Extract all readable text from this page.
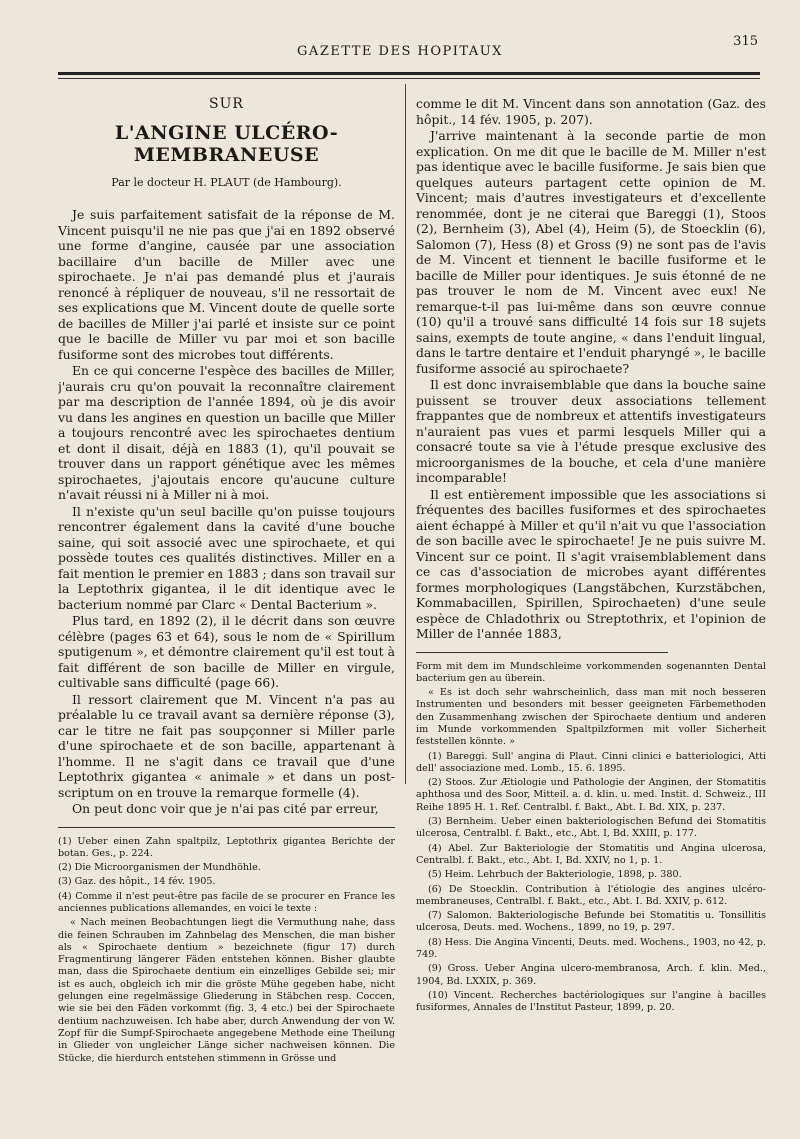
GAZETTE DES HOPITAUX
315
SUR
L'ANGINE ULCÉRO-MEMBRANEUSE
Par le docteur H. PLAUT (de Hambourg).

Je suis parfaitement satisfait de la réponse de M. Vincent puisqu'il ne nie pas que j'ai en 1892 observé une forme d'angine, causée par une association bacillaire d'un bacille de Miller avec une spirochaete. Je n'ai pas demandé plus et j'aurais renoncé à répliquer de nouveau, s'il ne ressortait de ses explications que M. Vincent doute de quelle sorte de bacilles de Miller j'ai parlé et insiste sur ce point que le bacille de Miller vu par moi et son bacille fusiforme sont des microbes tout différents.

En ce qui concerne l'espèce des bacilles de Miller, j'aurais cru qu'on pouvait la reconnaître clairement par ma description de l'année 1894, où je dis avoir vu dans les angines en question un bacille que Miller a toujours rencontré avec les spirochaetes dentium et dont il disait, déjà en 1883 (1), qu'il pouvait se trouver dans un rapport génétique avec les mêmes spirochaetes, j'ajoutais encore qu'aucune culture n'avait réussi ni à Miller ni à moi.

Il n'existe qu'un seul bacille qu'on puisse toujours rencontrer également dans la cavité d'une bouche saine, qui soit associé avec une spirochaete, et qui possède toutes ces qualités distinctives. Miller en a fait mention le premier en 1883 ; dans son travail sur la Leptothrix gigantea, il le dit identique avec le bacterium nommé par Clarc « Dental Bacterium ».

Plus tard, en 1892 (2), il le décrit dans son œuvre célèbre (pages 63 et 64), sous le nom de « Spirillum sputigenum », et démontre clairement qu'il est tout à fait différent de son bacille de Miller en virgule, cultivable sans difficulté (page 66).

Il ressort clairement que M. Vincent n'a pas au préalable lu ce travail avant sa dernière réponse (3), car le titre ne fait pas soupçonner si Miller parle d'une spirochaete et de son bacille, appartenant à l'homme. Il ne s'agit dans ce travail que d'une Leptothrix gigantea « animale » et dans un post-scriptum on en trouve la remarque formelle (4).

On peut donc voir que je n'ai pas cité par erreur,

(1) Ueber einen Zahn spaltpilz, Leptothrix gigantea Berichte der botan. Ges., p. 224.

(2) Die Microorganismen der Mundhöhle.

(3) Gaz. des hôpit., 14 fév. 1905.

(4) Comme il n'est peut-être pas facile de se procurer en France les anciennes publications allemandes, en voici le texte :

« Nach meinen Beobachtungen liegt die Vermuthung nahe, dass die feinen Schrauben im Zahnbelag des Menschen, die man bisher als « Spirochaete dentium » bezeichnete (figur 17) durch Fragmentirung längerer Fäden entstehen können. Bisher glaubte man, dass die Spirochaete dentium ein einzelliges Gebilde sei; mir ist es auch, obgleich ich mir die gröste Mühe gegeben habe, nicht gelungen eine regelmässige Gliederung in Stäbchen resp. Coccen, wie sie bei den Fäden vorkommt (fig. 3, 4 etc.) bei der Spirochaete dentium nachzuweisen. Ich habe aber, durch Anwendung der von W. Zopf für die Sumpf-Spirochaete angegebene Methode eine Theilung in Glieder von ungleicher Länge sicher nachweisen können. Die Stücke, die hierdurch entstehen stimmenn in Grösse und

comme le dit M. Vincent dans son annotation (Gaz. des hôpit., 14 fév. 1905, p. 207).

J'arrive maintenant à la seconde partie de mon explication. On me dit que le bacille de M. Miller n'est pas identique avec le bacille fusiforme. Je sais bien que quelques auteurs partagent cette opinion de M. Vincent; mais d'autres investigateurs et d'excellente renommée, dont je ne citerai que Bareggi (1), Stoos (2), Bernheim (3), Abel (4), Heim (5), de Stoecklin (6), Salomon (7), Hess (8) et Gross (9) ne sont pas de l'avis de M. Vincent et tiennent le bacille fusiforme et le bacille de Miller pour identiques. Je suis étonné de ne pas trouver le nom de M. Vincent avec eux! Ne remarque-t-il pas lui-même dans son œuvre connue (10) qu'il a trouvé sans difficulté 14 fois sur 18 sujets sains, exempts de toute angine, « dans l'enduit lingual, dans le tartre dentaire et l'enduit pharyngé », le bacille fusiforme associé au spirochaete?

Il est donc invraisemblable que dans la bouche saine puissent se trouver deux associations tellement frappantes que de nombreux et attentifs investigateurs n'auraient pas vues et parmi lesquels Miller qui a consacré toute sa vie à l'étude presque exclusive des microorganismes de la bouche, et cela d'une manière incomparable!

Il est entièrement impossible que les associations si fréquentes des bacilles fusiformes et des spirochaetes aient échappé à Miller et qu'il n'ait vu que l'association de son bacille avec le spirochaete! Je ne puis suivre M. Vincent sur ce point. Il s'agit vraisemblablement dans ce cas d'association de microbes ayant différentes formes morphologiques (Langstäbchen, Kurzstäbchen, Kommabacillen, Spirillen, Spirochaeten) d'une seule espèce de Chladothrix ou Streptothrix, et l'opinion de Miller de l'année 1883,

Form mit dem im Mundschleime vorkommenden sogenannten Dental bacterium gen au überein.

« Es ist doch sehr wahrscheinlich, dass man mit noch besseren Instrumenten und besonders mit besser geeigneten Färbemethoden den Zusammenhang zwischen der Spirochaete dentium und anderen im Munde vorkommenden Spaltpilzformen mit voller Sicherheit feststellen könnte. »

(1) Bareggi. Sull' angina di Plaut. Cinni clinici e batteriologici, Atti dell' associazione med. Lomb., 15. 6. 1895.

(2) Stoos. Zur Ætiologie und Pathologie der Anginen, der Stomatitis aphthosa und des Soor, Mitteil. a. d. klin. u. med. Instit. d. Schweiz., III Reihe 1895 H. 1. Ref. Centralbl. f. Bakt., Abt. I. Bd. XIX, p. 237.

(3) Bernheim. Ueber einen bakteriologischen Befund dei Stomatitis ulcerosa, Centralbl. f. Bakt., etc., Abt. I, Bd. XXIII, p. 177.

(4) Abel. Zur Bakteriologie der Stomatitis und Angina ulcerosa, Centralbl. f. Bakt., etc., Abt. I, Bd. XXIV, no 1, p. 1.

(5) Heim. Lehrbuch der Bakteriologie, 1898, p. 380.

(6) De Stoecklin. Contribution à l'étiologie des angines ulcéro-membraneuses, Centralbl. f. Bakt., etc., Abt. I. Bd. XXIV, p. 612.

(7) Salomon. Bakteriologische Befunde bei Stomatitis u. Tonsillitis ulcerosa, Deuts. med. Wochens., 1899, no 19, p. 297.

(8) Hess. Die Angina Vincenti, Deuts. med. Wochens., 1903, no 42, p. 749.

(9) Gross. Ueber Angina ulcero-membranosa, Arch. f. klin. Med., 1904, Bd. LXXIX, p. 369.

(10) Vincent. Recherches bactériologiques sur l'angine à bacilles fusiformes, Annales de l'Institut Pasteur, 1899, p. 20.
